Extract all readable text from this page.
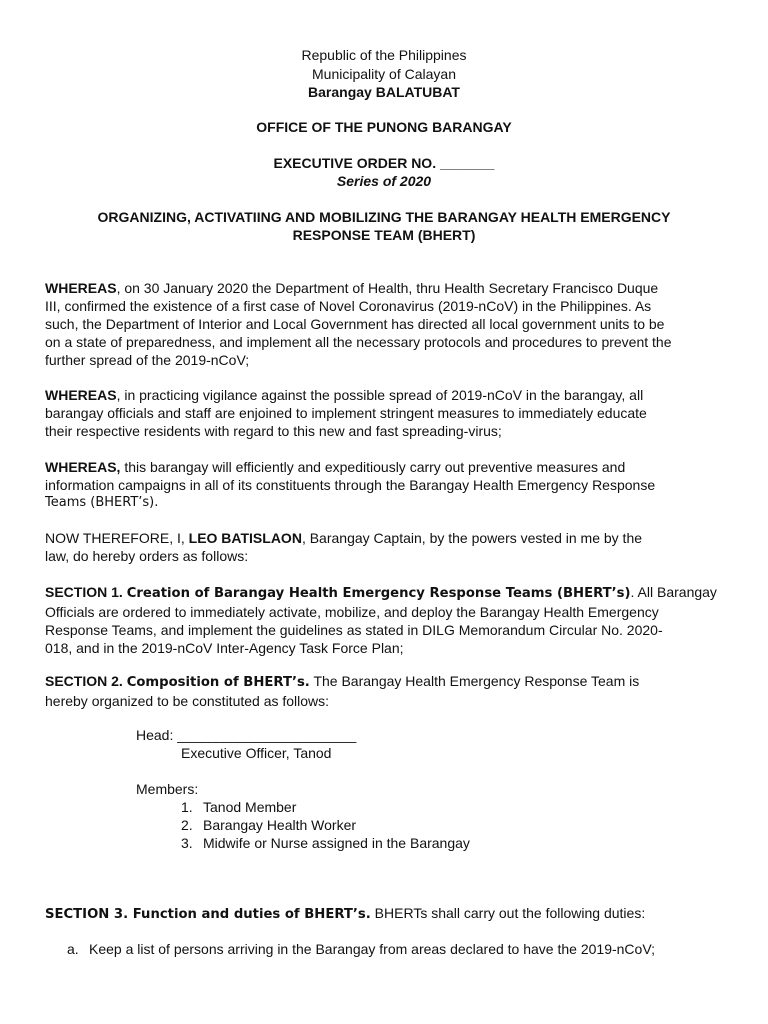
Republic of the Philippines
Municipality of Calayan
Barangay BALATUBAT
OFFICE OF THE PUNONG BARANGAY
EXECUTIVE ORDER NO. _______
Series of 2020
ORGANIZING, ACTIVATIING AND MOBILIZING THE BARANGAY HEALTH EMERGENCY
RESPONSE TEAM (BHERT)
WHEREAS, on 30 January 2020 the Department of Health, thru Health Secretary Francisco Duque
III, confirmed the existence of a first case of Novel Coronavirus (2019-nCoV) in the Philippines. As
such, the Department of Interior and Local Government has directed all local government units to be
on a state of preparedness, and implement all the necessary protocols and procedures to prevent the
further spread of the 2019-nCoV;
WHEREAS, in practicing vigilance against the possible spread of 2019-nCoV in the barangay, all
barangay officials and staff are enjoined to implement stringent measures to immediately educate
their respective residents with regard to this new and fast spreading-virus;
WHEREAS, this barangay will efficiently and expeditiously carry out preventive measures and
information campaigns in all of its constituents through the Barangay Health Emergency Response
Teams (BHERT’s).
NOW THEREFORE, I, LEO BATISLAON, Barangay Captain, by the powers vested in me by the
law, do hereby orders as follows:
SECTION 1. Creation of Barangay Health Emergency Response Teams (BHERT’s). All Barangay
Officials are ordered to immediately activate, mobilize, and deploy the Barangay Health Emergency
Response Teams, and implement the guidelines as stated in DILG Memorandum Circular No. 2020-
018, and in the 2019-nCoV Inter-Agency Task Force Plan;
SECTION 2. Composition of BHERT’s. The Barangay Health Emergency Response Team is
hereby organized to be constituted as follows:
Head: _______________________
Executive Officer, Tanod
Members:
1. Tanod Member
2. Barangay Health Worker
3. Midwife or Nurse assigned in the Barangay
SECTION 3. Function and duties of BHERT’s. BHERTs shall carry out the following duties:
a. Keep a list of persons arriving in the Barangay from areas declared to have the 2019-nCoV;
